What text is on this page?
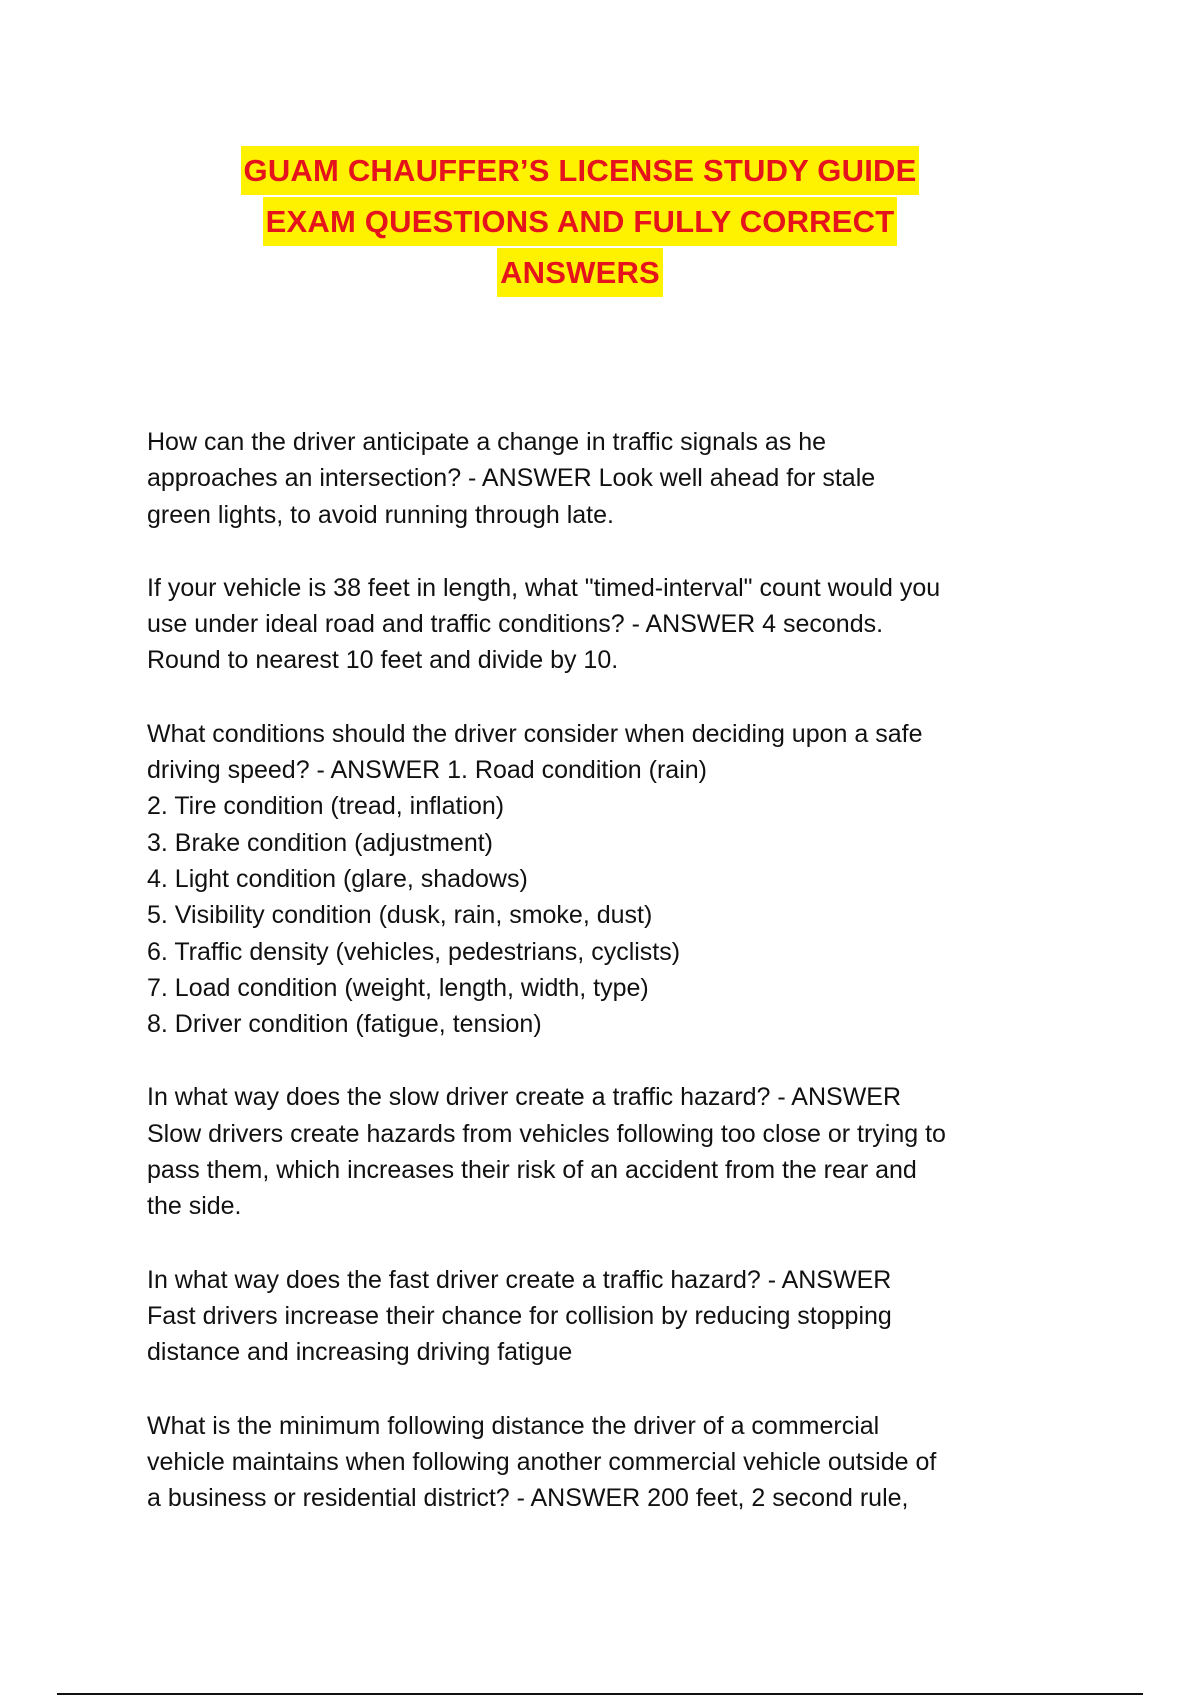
GUAM CHAUFFER’S LICENSE STUDY GUIDE
EXAM QUESTIONS AND FULLY CORRECT
ANSWERS
How can the driver anticipate a change in traffic signals as he
approaches an intersection? - ANSWER Look well ahead for stale
green lights, to avoid running through late.
If your vehicle is 38 feet in length, what "timed-interval" count would you
use under ideal road and traffic conditions? - ANSWER 4 seconds.
Round to nearest 10 feet and divide by 10.
What conditions should the driver consider when deciding upon a safe
driving speed? - ANSWER 1. Road condition (rain)
2. Tire condition (tread, inflation)
3. Brake condition (adjustment)
4. Light condition (glare, shadows)
5. Visibility condition (dusk, rain, smoke, dust)
6. Traffic density (vehicles, pedestrians, cyclists)
7. Load condition (weight, length, width, type)
8. Driver condition (fatigue, tension)
In what way does the slow driver create a traffic hazard? - ANSWER
Slow drivers create hazards from vehicles following too close or trying to
pass them, which increases their risk of an accident from the rear and
the side.
In what way does the fast driver create a traffic hazard? - ANSWER
Fast drivers increase their chance for collision by reducing stopping
distance and increasing driving fatigue
What is the minimum following distance the driver of a commercial
vehicle maintains when following another commercial vehicle outside of
a business or residential district? - ANSWER 200 feet, 2 second rule,
